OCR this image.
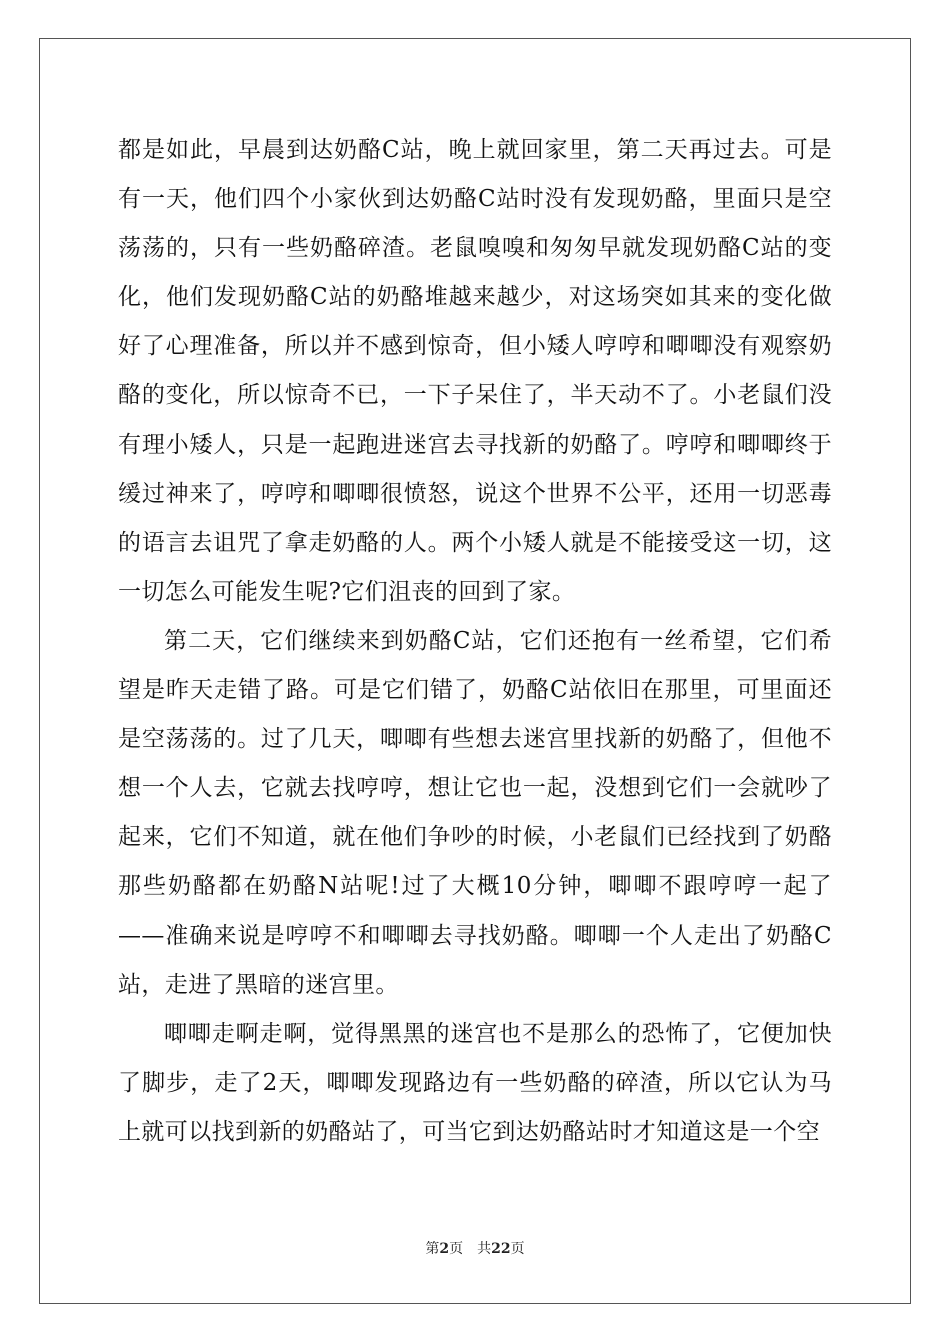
都是如此，早晨到达奶酪C站，晚上就回家里，第二天再过去。可是有一天，他们四个小家伙到达奶酪C站时没有发现奶酪，里面只是空荡荡的，只有一些奶酪碎渣。老鼠嗅嗅和匆匆早就发现奶酪C站的变化，他们发现奶酪C站的奶酪堆越来越少，对这场突如其来的变化做好了心理准备，所以并不感到惊奇，但小矮人哼哼和唧唧没有观察奶酪的变化，所以惊奇不已，一下子呆住了，半天动不了。小老鼠们没有理小矮人，只是一起跑进迷宫去寻找新的奶酪了。哼哼和唧唧终于缓过神来了，哼哼和唧唧很愤怒，说这个世界不公平，还用一切恶毒的语言去诅咒了拿走奶酪的人。两个小矮人就是不能接受这一切，这一切怎么可能发生呢?它们沮丧的回到了家。

第二天，它们继续来到奶酪C站，它们还抱有一丝希望，它们希望是昨天走错了路。可是它们错了，奶酪C站依旧在那里，可里面还是空荡荡的。过了几天，唧唧有些想去迷宫里找新的奶酪了，但他不想一个人去，它就去找哼哼，想让它也一起，没想到它们一会就吵了起来，它们不知道，就在他们争吵的时候，小老鼠们已经找到了奶酪那些奶酪都在奶酪N站呢!过了大概10分钟，唧唧不跟哼哼一起了——准确来说是哼哼不和唧唧去寻找奶酪。唧唧一个人走出了奶酪C站，走进了黑暗的迷宫里。

唧唧走啊走啊，觉得黑黑的迷宫也不是那么的恐怖了，它便加快了脚步，走了2天，唧唧发现路边有一些奶酪的碎渣，所以它认为马上就可以找到新的奶酪站了，可当它到达奶酪站时才知道这是一个空

第2页 共22页
